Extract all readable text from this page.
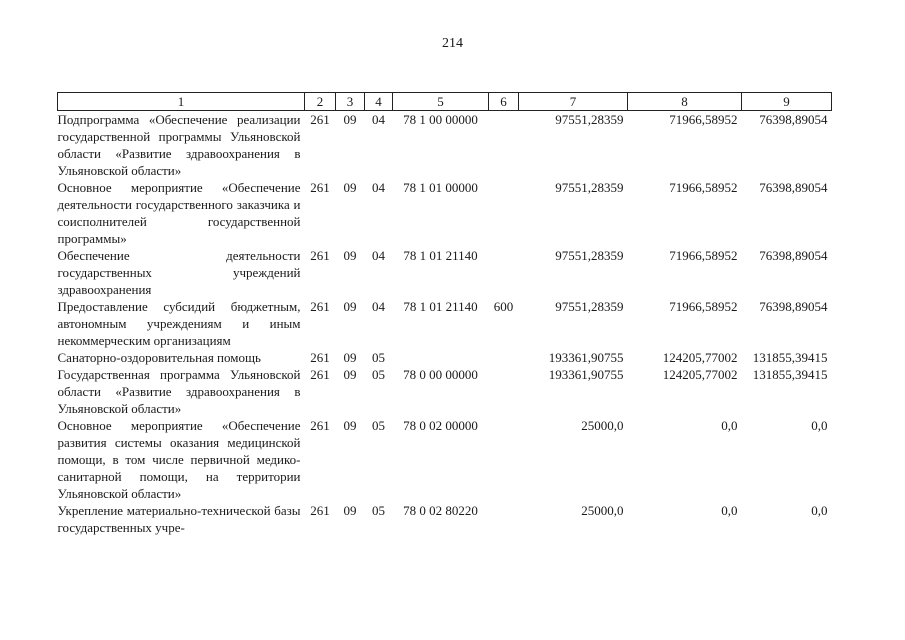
214
1	2	3	4	5	6	7	8	9
Подпрограмма «Обеспечение реализации государственной программы Ульяновской области «Развитие здравоохранения в Ульяновской области»	261	09	04	78 1 00 00000		97551,28359	71966,58952	76398,89054
Основное мероприятие «Обеспечение деятельности государственного заказчика и соисполнителей государственной программы»	261	09	04	78 1 01 00000		97551,28359	71966,58952	76398,89054
Обеспечение деятельности государственных учреждений здравоохранения	261	09	04	78 1 01 21140		97551,28359	71966,58952	76398,89054
Предоставление субсидий бюджетным, автономным учреждениям и иным некоммерческим организациям	261	09	04	78 1 01 21140	600	97551,28359	71966,58952	76398,89054
Санаторно-оздоровительная помощь	261	09	05			193361,90755	124205,77002	131855,39415
Государственная программа Ульяновской области «Развитие здравоохранения в Ульяновской области»	261	09	05	78 0 00 00000		193361,90755	124205,77002	131855,39415
Основное мероприятие «Обеспечение развития системы оказания медицинской помощи, в том числе первичной медико-санитарной помощи, на территории Ульяновской области»	261	09	05	78 0 02 00000		25000,0	0,0	0,0
Укрепление материально-технической базы государственных учре-	261	09	05	78 0 02 80220		25000,0	0,0	0,0
